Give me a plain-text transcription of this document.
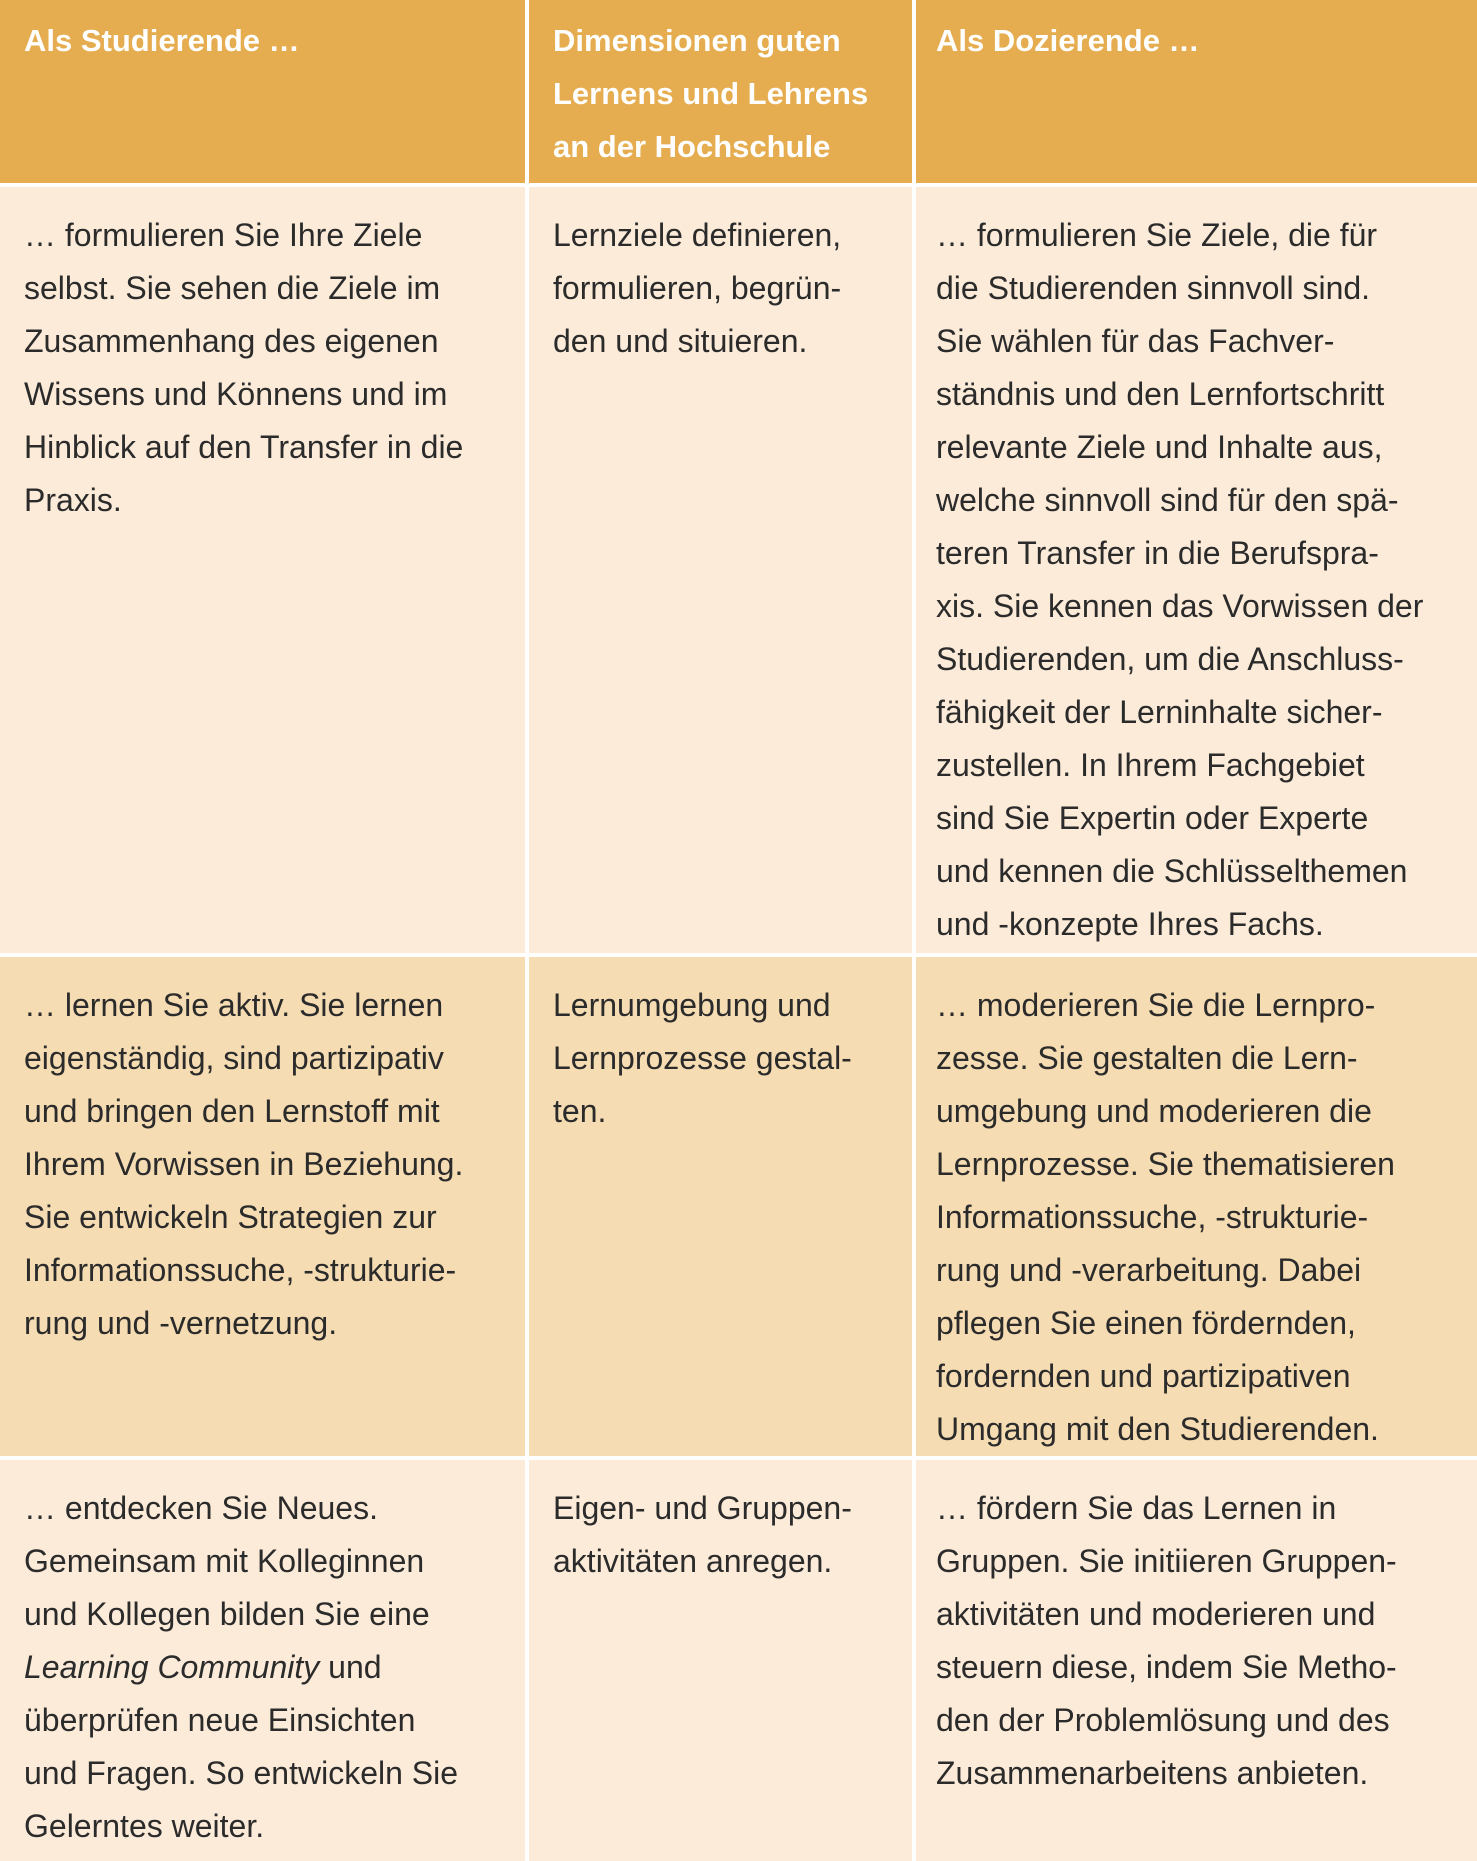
Als Studierende …	Dimensionen guten
Lernens und Lehrens
an der Hochschule
Als Dozierende …
… formulieren Sie Ihre Ziele
selbst. Sie sehen die Ziele im
Zusammenhang des eigenen
Wissens und Könnens und im
Hinblick auf den Transfer in die
Praxis.
Lernziele definieren,
formulieren, begrün-
den und situieren.
… formulieren Sie Ziele, die für
die Studierenden sinnvoll sind.
Sie wählen für das Fachver-
ständnis und den Lernfortschritt
relevante Ziele und Inhalte aus,
welche sinnvoll sind für den spä-
teren Transfer in die Berufspra-
xis. Sie kennen das Vorwissen der
Studierenden, um die Anschluss-
fähigkeit der Lerninhalte sicher-
zustellen. In Ihrem Fachgebiet
sind Sie Expertin oder Experte
und kennen die Schlüsselthemen
und -konzepte Ihres Fachs.
… lernen Sie aktiv. Sie lernen
eigenständig, sind partizipativ
und bringen den Lernstoff mit
Ihrem Vorwissen in Beziehung.
Sie entwickeln Strategien zur
Informationssuche, -strukturie-
rung und -vernetzung.
Lernumgebung und
Lernprozesse gestal-
ten.
… moderieren Sie die Lernpro-
zesse. Sie gestalten die Lern-
umgebung und moderieren die
Lernprozesse. Sie thematisieren
Informationssuche, -strukturie-
rung und -verarbeitung. Dabei
pflegen Sie einen fördernden,
fordernden und partizipativen
Umgang mit den Studierenden.
… entdecken Sie Neues.
Gemeinsam mit Kolleginnen
und Kollegen bilden Sie eine
Learning Community und
überprüfen neue Einsichten
und Fragen. So entwickeln Sie
Gelerntes weiter.
Eigen- und Gruppen-
aktivitäten anregen.
… fördern Sie das Lernen in
Gruppen. Sie initiieren Gruppen-
aktivitäten und moderieren und
steuern diese, indem Sie Metho-
den der Problemlösung und des
Zusammenarbeitens anbieten.
